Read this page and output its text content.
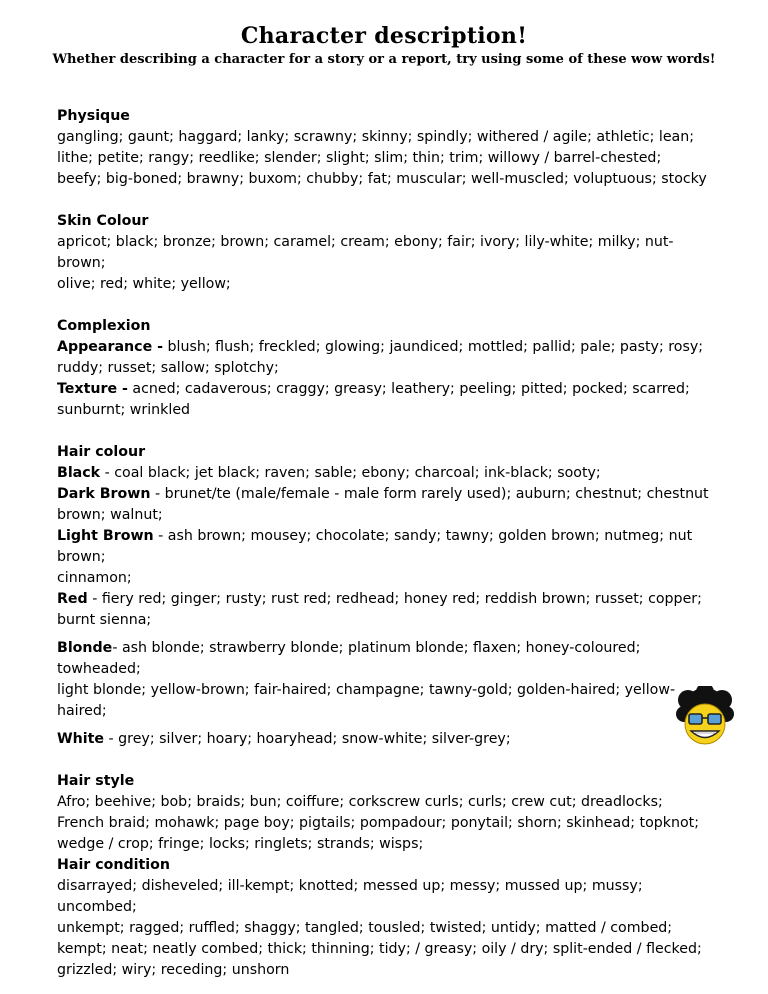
Character description!
Whether describing a character for a story or a report, try using some of these wow words!

Physique

gangling; gaunt; haggard; lanky; scrawny; skinny; spindly; withered / agile; athletic; lean;

lithe; petite; rangy; reedlike; slender; slight; slim; thin; trim; willowy / barrel-chested;

beefy; big-boned; brawny; buxom; chubby; fat; muscular; well-muscled; voluptuous; stocky

Skin Colour

apricot; black; bronze; brown; caramel; cream; ebony; fair; ivory; lily-white; milky; nut-brown;

olive; red; white; yellow;

Complexion

Appearance - blush; flush; freckled; glowing; jaundiced; mottled; pallid; pale; pasty; rosy;

ruddy; russet; sallow; splotchy;

Texture - acned; cadaverous; craggy; greasy; leathery; peeling; pitted; pocked; scarred;

sunburnt; wrinkled

Hair colour

Black - coal black; jet black; raven; sable; ebony; charcoal; ink-black; sooty;

Dark Brown - brunet/te (male/female - male form rarely used); auburn; chestnut; chestnut

brown; walnut;

Light Brown - ash brown; mousey; chocolate; sandy; tawny; golden brown; nutmeg; nut brown;

cinnamon;

Red - fiery red; ginger; rusty; rust red; redhead; honey red; reddish brown; russet; copper;

burnt sienna;

Blonde- ash blonde; strawberry blonde; platinum blonde; flaxen; honey-coloured; towheaded;

light blonde; yellow-brown; fair-haired; champagne; tawny-gold; golden-haired; yellow-haired;

White - grey; silver; hoary; hoaryhead; snow-white; silver-grey;

Hair style

Afro; beehive; bob; braids; bun; coiffure; corkscrew curls; curls; crew cut; dreadlocks;

French braid; mohawk; page boy; pigtails; pompadour; ponytail; shorn; skinhead; topknot;

wedge / crop; fringe; locks; ringlets; strands; wisps;

Hair condition

disarrayed; disheveled; ill-kempt; knotted; messed up; messy; mussed up; mussy; uncombed;

unkempt; ragged; ruffled; shaggy; tangled; tousled; twisted; untidy; matted / combed;

kempt; neat; neatly combed; thick; thinning; tidy; / greasy; oily / dry; split-ended / flecked;

grizzled; wiry; receding; unshorn
